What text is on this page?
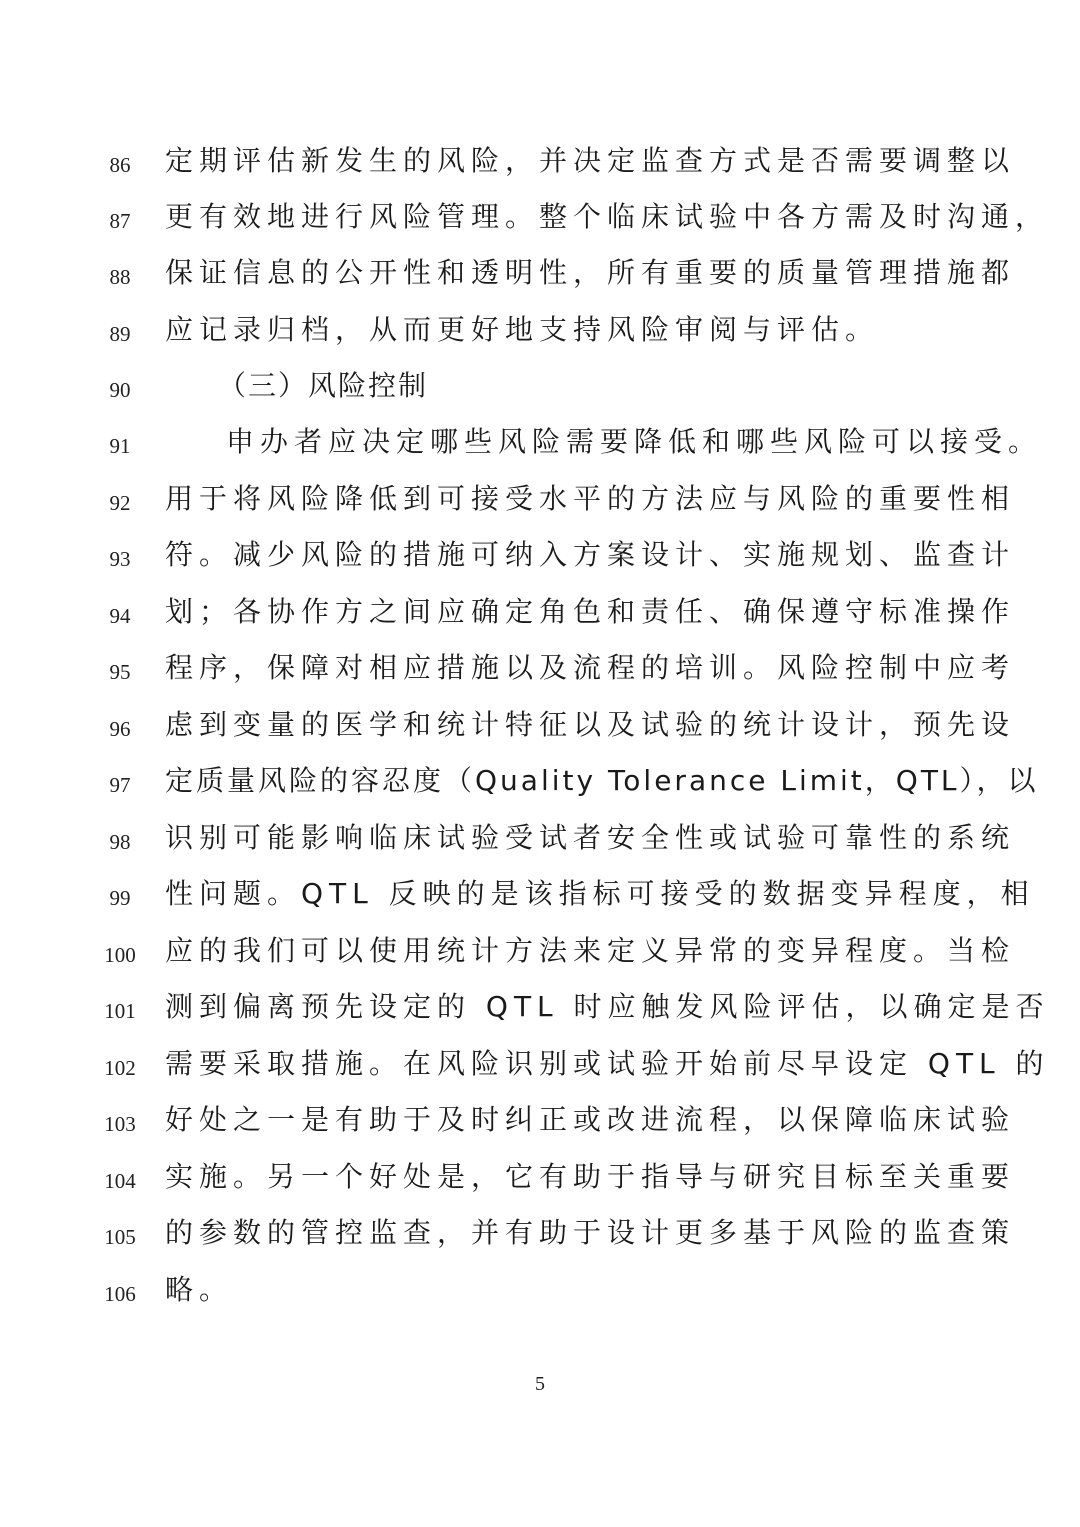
86	定期评估新发生的风险，并决定监查方式是否需要调整以
87	更有效地进行风险管理。整个临床试验中各方需及时沟通，
88	保证信息的公开性和透明性，所有重要的质量管理措施都
89	应记录归档，从而更好地支持风险审阅与评估。
90	（三）风险控制
91	申办者应决定哪些风险需要降低和哪些风险可以接受。
92	用于将风险降低到可接受水平的方法应与风险的重要性相
93	符。减少风险的措施可纳入方案设计、实施规划、监查计
94	划；各协作方之间应确定角色和责任、确保遵守标准操作
95	程序，保障对相应措施以及流程的培训。风险控制中应考
96	虑到变量的医学和统计特征以及试验的统计设计，预先设
97	定质量风险的容忍度（Quality Tolerance Limit，QTL），以
98	识别可能影响临床试验受试者安全性或试验可靠性的系统
99	性问题。QTL 反映的是该指标可接受的数据变异程度，相
100 应的我们可以使用统计方法来定义异常的变异程度。当检
101 测到偏离预先设定的 QTL 时应触发风险评估，以确定是否
102 需要采取措施。在风险识别或试验开始前尽早设定 QTL 的
103 好处之一是有助于及时纠正或改进流程，以保障临床试验
104 实施。另一个好处是，它有助于指导与研究目标至关重要
105 的参数的管控监查，并有助于设计更多基于风险的监查策
106 略。
5
